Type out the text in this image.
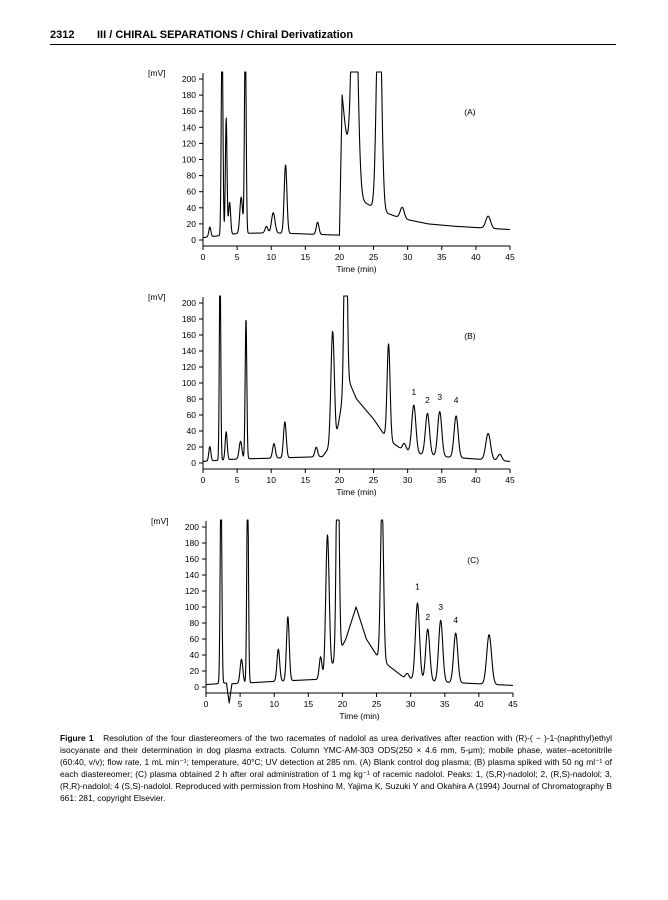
2312 III / CHIRAL SEPARATIONS / Chiral Derivatization
0
20
40
60
80
100
120
140
160
180
200
0	5	10	15	20	25	30	35	40	45
[mV]
Time (min)
(A)
0
20
40
60
80
100
120
140
160
180
200
0	5	10	15	20	25	30	35	40	45
[mV]
Time (min)
(B)
1
2 3 4
0
20
40
60
80
100
120
140
160
180
200
0	5	10	15	20	25	30	35	40	45
[mV]
Time (min)
(C)
1
2
3
4
Figure 1 Resolution of the four diastereomers of the two racemates of nadolol as urea derivatives after reaction with (R)-( − )-1-(naphthyl)ethyl isocyanate and their determination in dog plasma extracts. Column YMC-AM-303 ODS(250 × 4.6 mm, 5-μm); mobile phase, water–acetonitrile (60:40, v/v); flow rate, 1 mL min⁻¹; temperature, 40°C; UV detection at 285 nm. (A) Blank control dog plasma; (B) plasma spiked with 50 ng ml⁻¹ of each diastereomer; (C) plasma obtained 2 h after oral administration of 1 mg kg⁻¹ of racemic nadolol. Peaks: 1, (S,R)-nadolol; 2, (R,S)-nadolol; 3, (R,R)-nadolol; 4 (S,S)-nadolol. Reproduced with permission from Hoshino M, Yajima K, Suzuki Y and Okahira A (1994) Journal of Chromatography B 661: 281, copyright Elsevier.
